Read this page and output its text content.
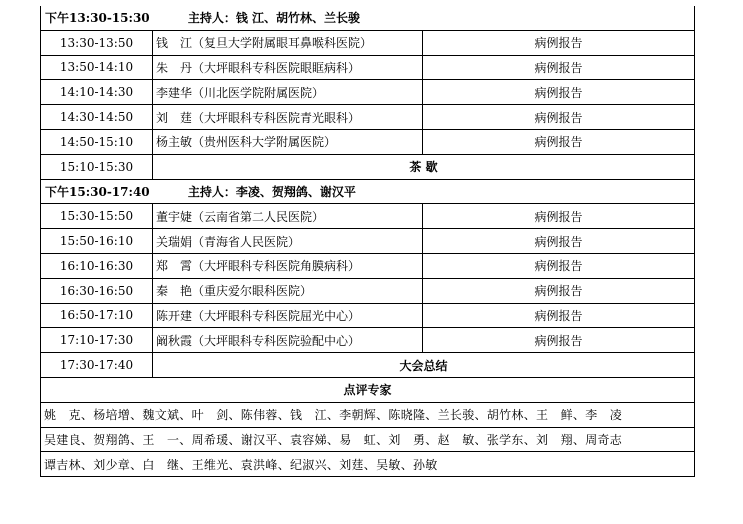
下午13:30-15:30 主持人：钱 江、胡竹林、兰长骏		
13:30-13:50	钱　江（复旦大学附属眼耳鼻喉科医院）	病例报告
13:50-14:10	朱　丹（大坪眼科专科医院眼眶病科）	病例报告
14:10-14:30	李建华（川北医学院附属医院）	病例报告
14:30-14:50	刘　莛（大坪眼科专科医院青光眼科）	病例报告
14:50-15:10	杨主敏（贵州医科大学附属医院）	病例报告
15:10-15:30	茶 歇	
下午15:30-17:40 主持人：李凌、贺翔鸽、谢汉平		
15:30-15:50	董宇婕（云南省第二人民医院）	病例报告
15:50-16:10	关瑞娟（青海省人民医院）	病例报告
16:10-16:30	郑　霄（大坪眼科专科医院角膜病科）	病例报告
16:30-16:50	秦　艳（重庆爱尔眼科医院）	病例报告
16:50-17:10	陈开建（大坪眼科专科医院屈光中心）	病例报告
17:10-17:30	阚秋霞（大坪眼科专科医院验配中心）	病例报告
17:30-17:40	大会总结	
点评专家		
姚　克、杨培增、魏文斌、叶　剑、陈伟蓉、钱　江、李朝辉、陈晓隆、兰长骏、胡竹林、王　鲜、李　凌		
吴建良、贺翔鸽、王　一、周希瑗、谢汉平、袁容娣、易　虹、刘　勇、赵　敏、张学东、刘　翔、周奇志		
谭吉林、刘少章、白　继、王维光、袁洪峰、纪淑兴、刘莛、吴敏、孙敏		
